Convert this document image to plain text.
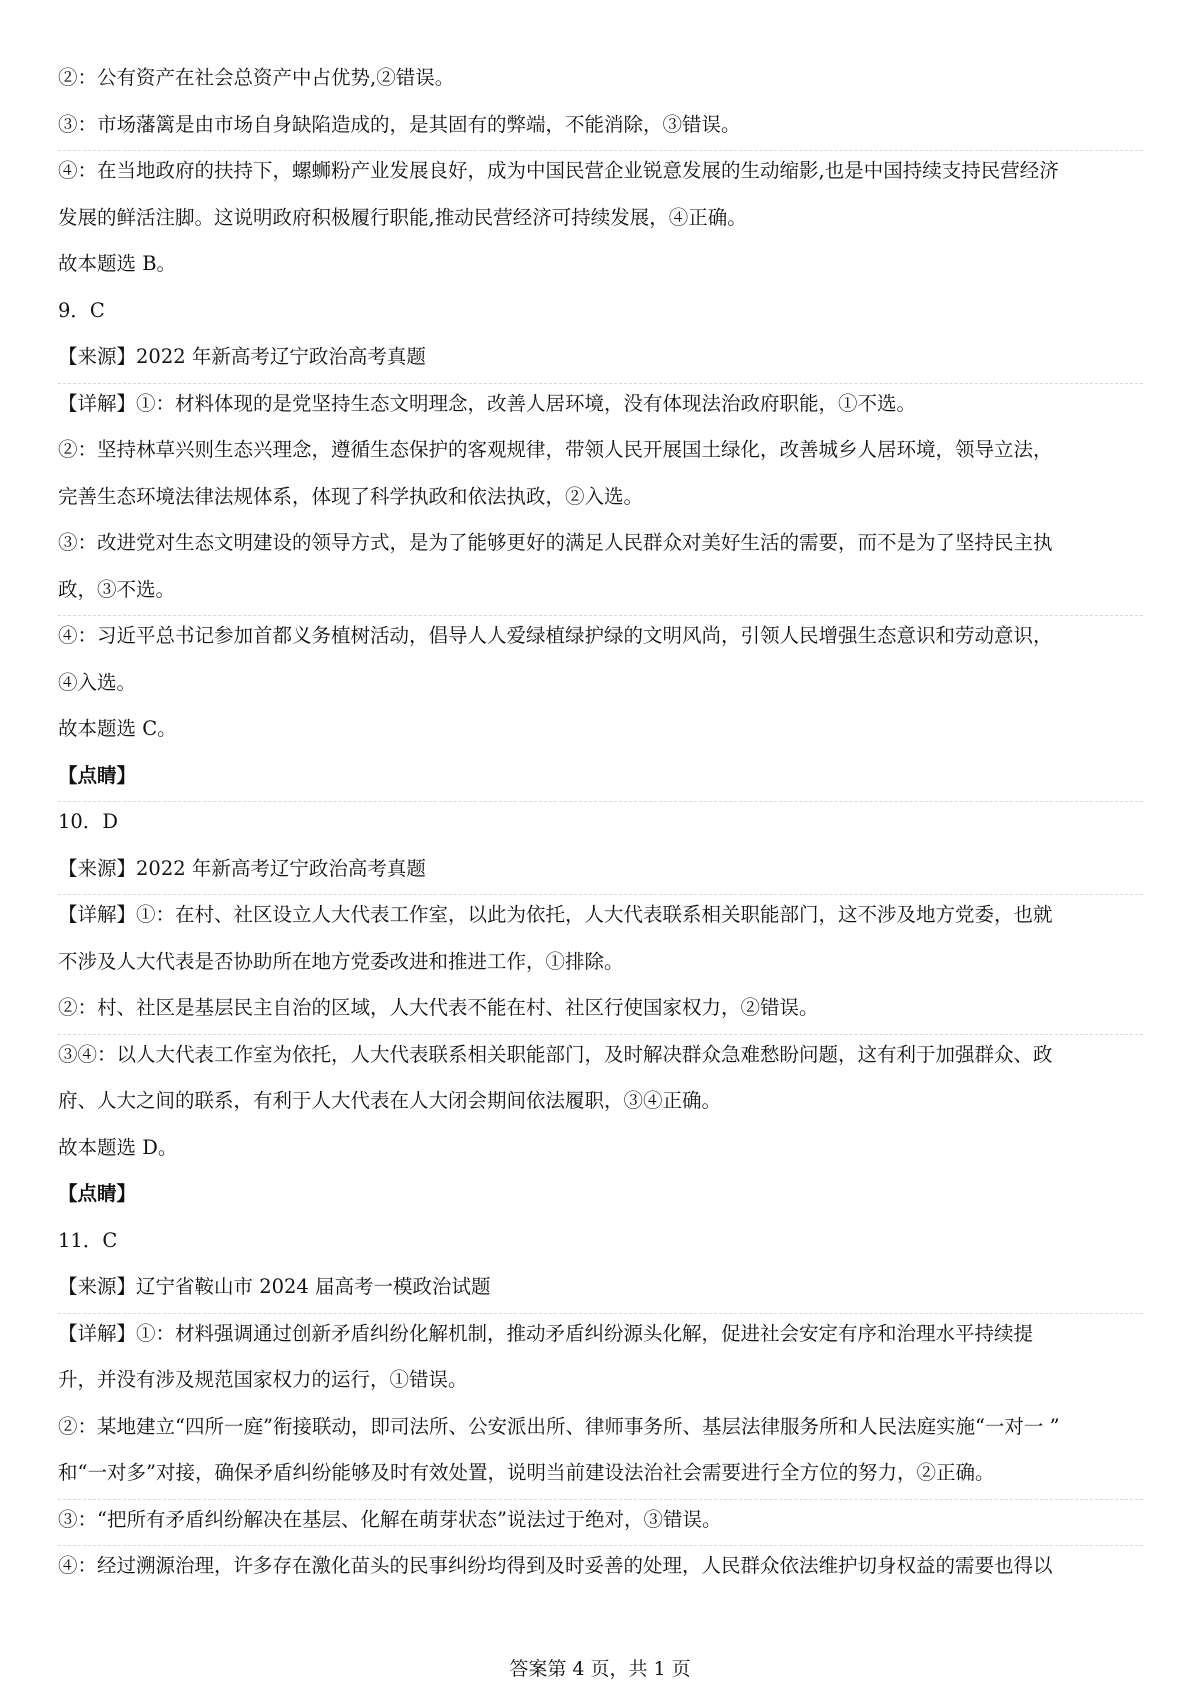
②：公有资产在社会总资产中占优势,②错误。
③：市场藩篱是由市场自身缺陷造成的，是其固有的弊端，不能消除，③错误。
④：在当地政府的扶持下，螺蛳粉产业发展良好，成为中国民营企业锐意发展的生动缩影,也是中国持续支持民营经济
发展的鲜活注脚。这说明政府积极履行职能,推动民营经济可持续发展，④正确。
故本题选 B。
9．C
【来源】2022 年新高考辽宁政治高考真题
【详解】①：材料体现的是党坚持生态文明理念，改善人居环境，没有体现法治政府职能，①不选。
②：坚持林草兴则生态兴理念，遵循生态保护的客观规律，带领人民开展国土绿化，改善城乡人居环境，领导立法，
完善生态环境法律法规体系，体现了科学执政和依法执政，②入选。
③：改进党对生态文明建设的领导方式，是为了能够更好的满足人民群众对美好生活的需要，而不是为了坚持民主执
政，③不选。
④：习近平总书记参加首都义务植树活动，倡导人人爱绿植绿护绿的文明风尚，引领人民增强生态意识和劳动意识，
④入选。
故本题选 C。
【点睛】
10．D
【来源】2022 年新高考辽宁政治高考真题
【详解】①：在村、社区设立人大代表工作室，以此为依托，人大代表联系相关职能部门，这不涉及地方党委，也就
不涉及人大代表是否协助所在地方党委改进和推进工作，①排除。
②：村、社区是基层民主自治的区域，人大代表不能在村、社区行使国家权力，②错误。
③④：以人大代表工作室为依托，人大代表联系相关职能部门，及时解决群众急难愁盼问题，这有利于加强群众、政
府、人大之间的联系，有利于人大代表在人大闭会期间依法履职，③④正确。
故本题选 D。
【点睛】
11．C
【来源】辽宁省鞍山市 2024 届高考一模政治试题
【详解】①：材料强调通过创新矛盾纠纷化解机制，推动矛盾纠纷源头化解，促进社会安定有序和治理水平持续提
升，并没有涉及规范国家权力的运行，①错误。
②：某地建立“四所一庭”衔接联动，即司法所、公安派出所、律师事务所、基层法律服务所和人民法庭实施“一对一 ”
和“一对多”对接，确保矛盾纠纷能够及时有效处置，说明当前建设法治社会需要进行全方位的努力，②正确。
③：“把所有矛盾纠纷解决在基层、化解在萌芽状态”说法过于绝对，③错误。
④：经过溯源治理，许多存在激化苗头的民事纠纷均得到及时妥善的处理，人民群众依法维护切身权益的需要也得以
答案第 4 页，共 1 页
